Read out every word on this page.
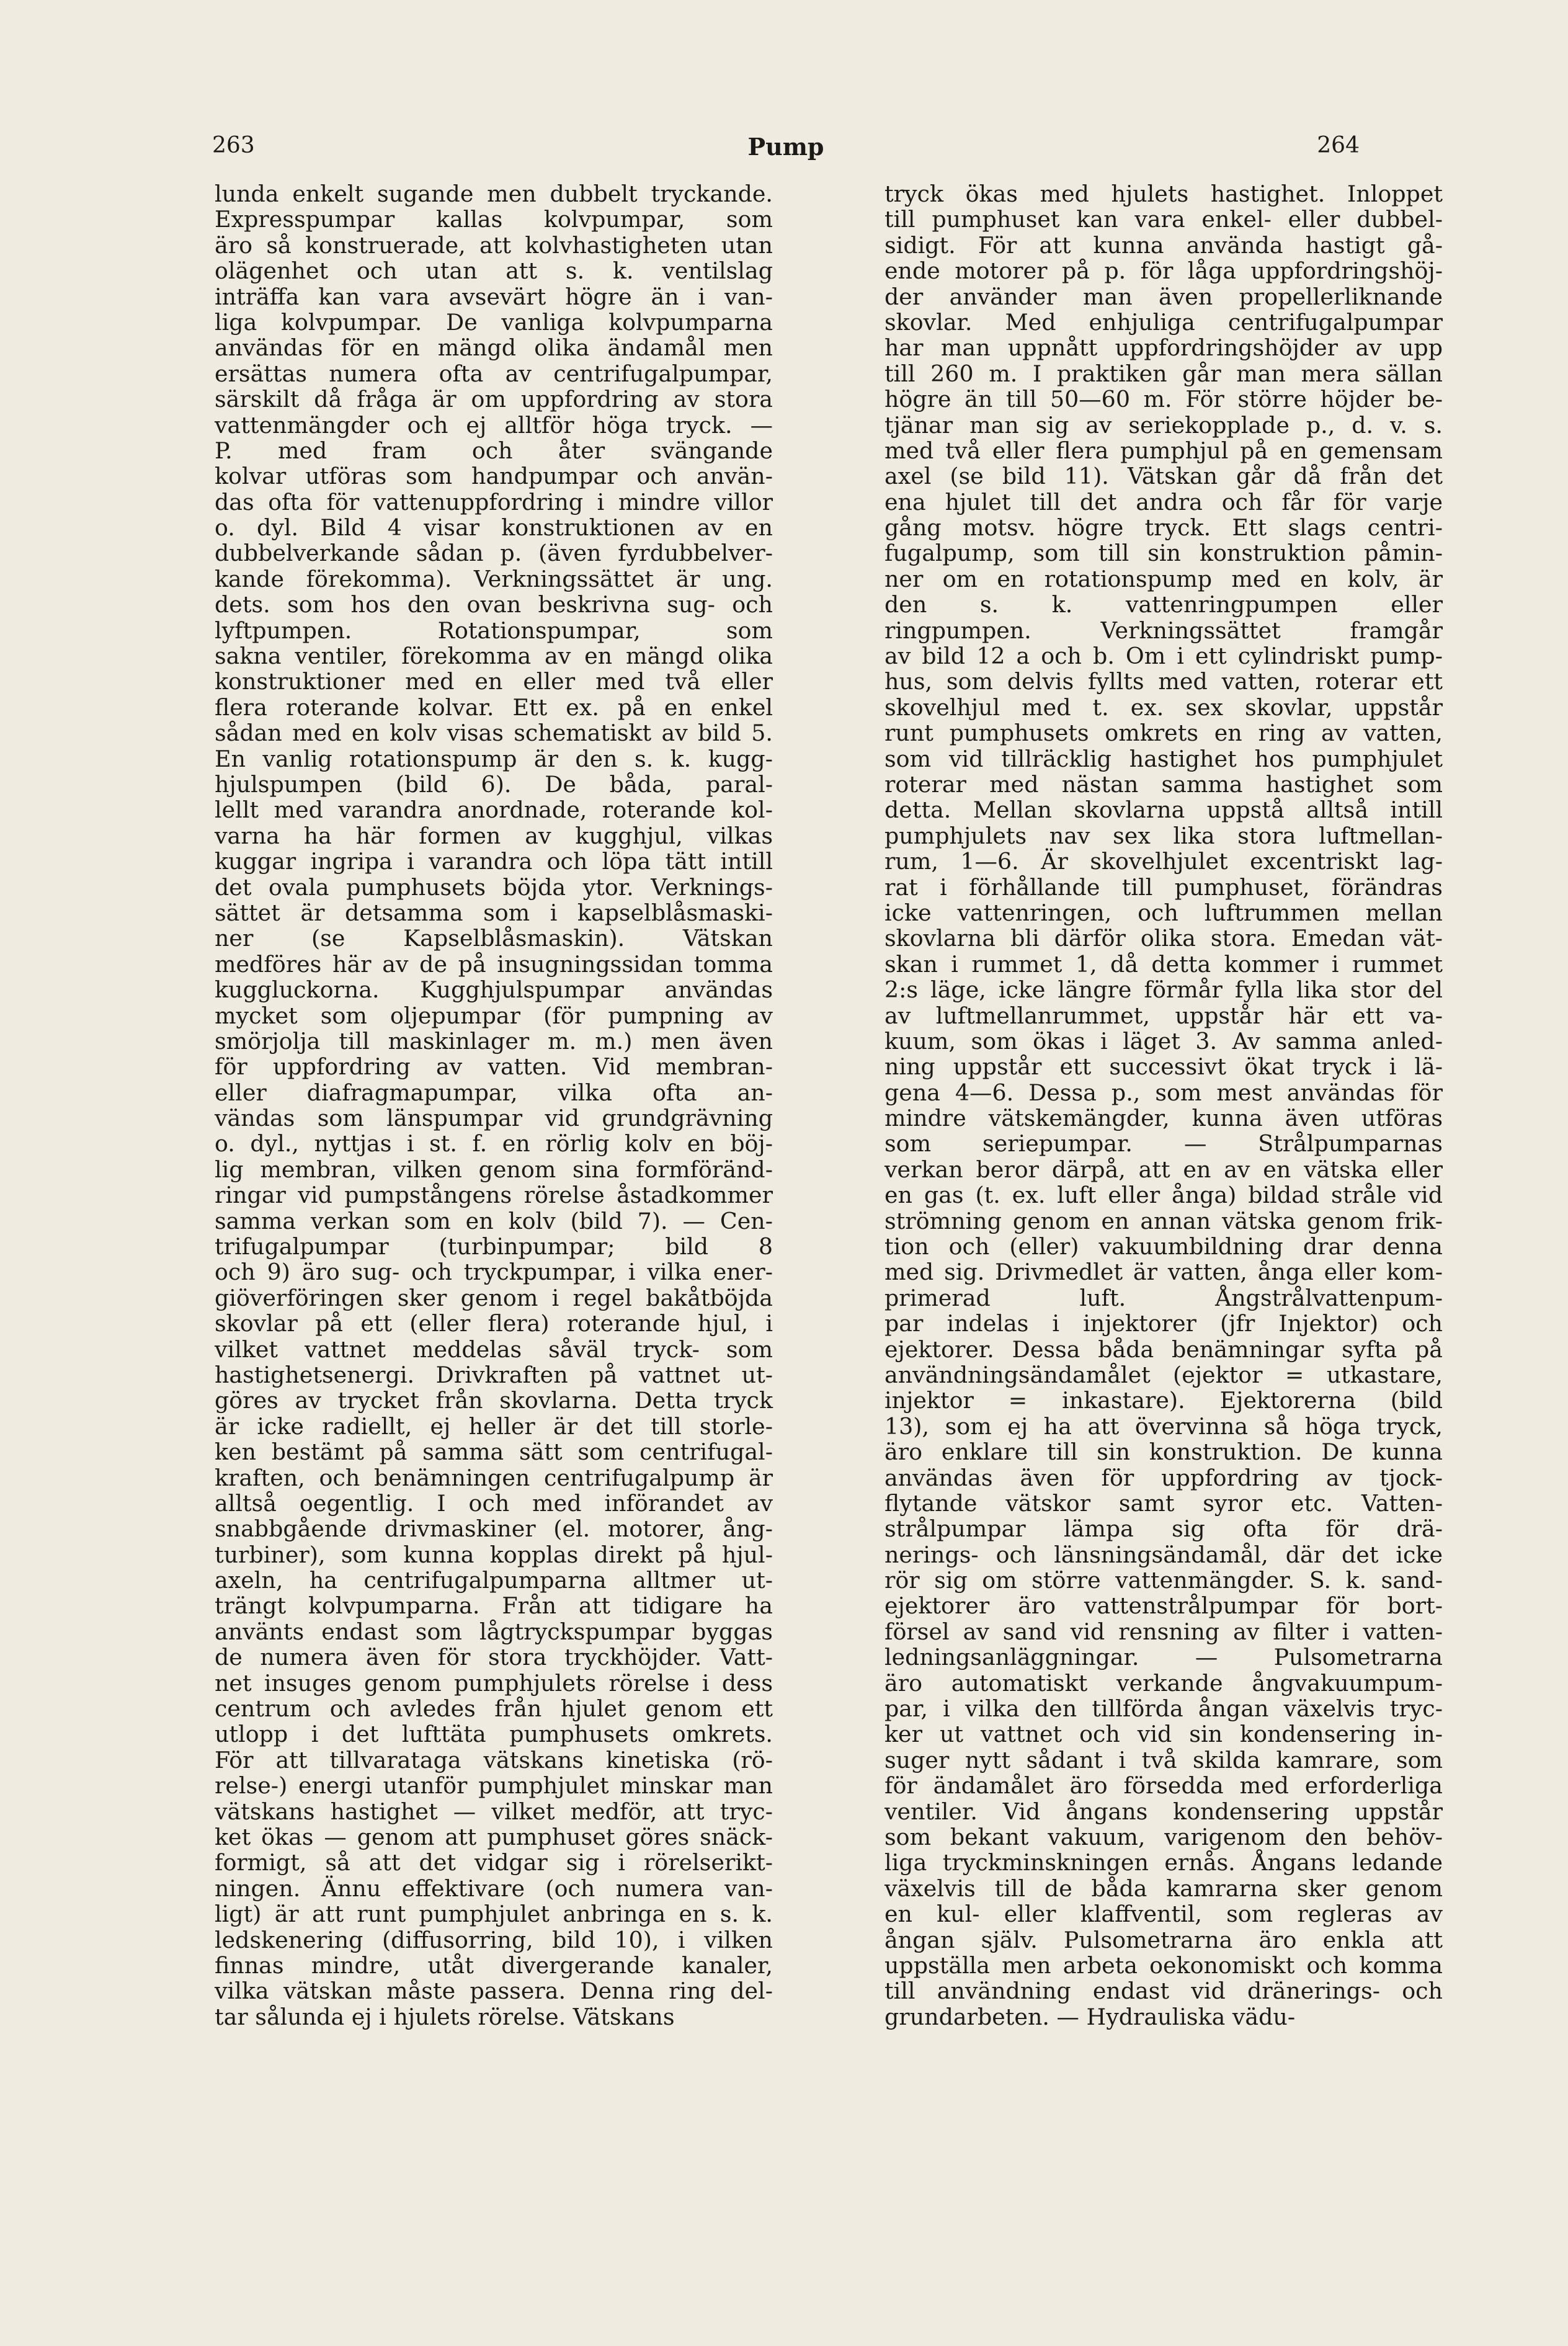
263	Pump	264
lunda enkelt sugande men dubbelt tryckande.
Expresspumpar kallas kolvpumpar, som
äro så konstruerade, att kolvhastigheten utan
olägenhet och utan att s. k. ventilslag
inträffa kan vara avsevärt högre än i van-
liga kolvpumpar. De vanliga kolvpumparna
användas för en mängd olika ändamål men
ersättas numera ofta av centrifugalpumpar,
särskilt då fråga är om uppfordring av stora
vattenmängder och ej alltför höga tryck. —
P. med fram och åter svängande
kolvar utföras som handpumpar och använ-
das ofta för vattenuppfordring i mindre villor
o. dyl. Bild 4 visar konstruktionen av en
dubbelverkande sådan p. (även fyrdubbelver-
kande förekomma). Verkningssättet är ung.
dets. som hos den ovan beskrivna sug- och
lyftpumpen. Rotationspumpar, som
sakna ventiler, förekomma av en mängd olika
konstruktioner med en eller med två eller
flera roterande kolvar. Ett ex. på en enkel
sådan med en kolv visas schematiskt av bild 5.
En vanlig rotationspump är den s. k. kugg-
hjulspumpen (bild 6). De båda, paral-
lellt med varandra anordnade, roterande kol-
varna ha här formen av kugghjul, vilkas
kuggar ingripa i varandra och löpa tätt intill
det ovala pumphusets böjda ytor. Verknings-
sättet är detsamma som i kapselblåsmaski-
ner (se Kapselblåsmaskin). Vätskan
medföres här av de på insugningssidan tomma
kuggluckorna. Kugghjulspumpar användas
mycket som oljepumpar (för pumpning av
smörjolja till maskinlager m. m.) men även
för uppfordring av vatten. Vid membran-
eller diafragmapumpar, vilka ofta an-
vändas som länspumpar vid grundgrävning
o. dyl., nyttjas i st. f. en rörlig kolv en böj-
lig membran, vilken genom sina formföränd-
ringar vid pumpstångens rörelse åstadkommer
samma verkan som en kolv (bild 7). — Cen-
trifugalpumpar (turbinpumpar; bild 8
och 9) äro sug- och tryckpumpar, i vilka ener-
giöverföringen sker genom i regel bakåtböjda
skovlar på ett (eller flera) roterande hjul, i
vilket vattnet meddelas såväl tryck- som
hastighetsenergi. Drivkraften på vattnet ut-
göres av trycket från skovlarna. Detta tryck
är icke radiellt, ej heller är det till storle-
ken bestämt på samma sätt som centrifugal-
kraften, och benämningen centrifugalpump är
alltså oegentlig. I och med införandet av
snabbgående drivmaskiner (el. motorer, ång-
turbiner), som kunna kopplas direkt på hjul-
axeln, ha centrifugalpumparna alltmer ut-
trängt kolvpumparna. Från att tidigare ha
använts endast som lågtryckspumpar byggas
de numera även för stora tryckhöjder. Vatt-
net insuges genom pumphjulets rörelse i dess
centrum och avledes från hjulet genom ett
utlopp i det lufttäta pumphusets omkrets.
För att tillvaratagа vätskans kinetiska (rö-
relse-) energi utanför pumphjulet minskar man
vätskans hastighet — vilket medför, att tryc-
ket ökas — genom att pumphuset göres snäck-
formigt, så att det vidgar sig i rörelserikt-
ningen. Ännu effektivare (och numera van-
ligt) är att runt pumphjulet anbringa en s. k.
ledskenering (diffusorring, bild 10), i vilken
finnas mindre, utåt divergerande kanaler,
vilka vätskan måste passera. Denna ring del-
tar sålunda ej i hjulets rörelse. Vätskans
tryck ökas med hjulets hastighet. Inloppet
till pumphuset kan vara enkel- eller dubbel-
sidigt. För att kunna använda hastigt gå-
ende motorer på p. för låga uppfordringshöj-
der använder man även propellerliknande
skovlar. Med enhjuliga centrifugalpumpar
har man uppnått uppfordringshöjder av upp
till 260 m. I praktiken går man mera sällan
högre än till 50—60 m. För större höjder be-
tjänar man sig av seriekopplade p., d. v. s.
med två eller flera pumphjul på en gemensam
axel (se bild 11). Vätskan går då från det
ena hjulet till det andra och får för varje
gång motsv. högre tryck. Ett slags centri-
fugalpump, som till sin konstruktion påmin-
ner om en rotationspump med en kolv, är
den s. k. vattenringpumpen eller
ringpumpen. Verkningssättet framgår
av bild 12 a och b. Om i ett cylindriskt pump-
hus, som delvis fyllts med vatten, roterar ett
skovelhjul med t. ex. sex skovlar, uppstår
runt pumphusets omkrets en ring av vatten,
som vid tillräcklig hastighet hos pumphjulet
roterar med nästan samma hastighet som
detta. Mellan skovlarna uppstå alltså intill
pumphjulets nav sex lika stora luftmellan-
rum, 1—6. Är skovelhjulet excentriskt lag-
rat i förhållande till pumphuset, förändras
icke vattenringen, och luftrummen mellan
skovlarna bli därför olika stora. Emedan vät-
skan i rummet 1, då detta kommer i rummet
2:s läge, icke längre förmår fylla lika stor del
av luftmellanrummet, uppstår här ett va-
kuum, som ökas i läget 3. Av samma anled-
ning uppstår ett successivt ökat tryck i lä-
gena 4—6. Dessa p., som mest användas för
mindre vätskemängder, kunna även utföras
som seriepumpar. — Strålpumparnas
verkan beror därpå, att en av en vätska eller
en gas (t. ex. luft eller ånga) bildad stråle vid
strömning genom en annan vätska genom frik-
tion och (eller) vakuumbildning drar denna
med sig. Drivmedlet är vatten, ånga eller kom-
primerad luft. Ångstrålvattenpum-
par indelas i injektorer (jfr Injektor) och
ejektorer. Dessa båda benämningar syfta på
användningsändamålet (ejektor = utkastare,
injektor = inkastare). Ejektorerna (bild
13), som ej ha att övervinna så höga tryck,
äro enklare till sin konstruktion. De kunna
användas även för uppfordring av tjock-
flytande vätskor samt syror etc. Vatten-
strålpumpar lämpa sig ofta för drä-
nerings- och länsningsändamål, där det icke
rör sig om större vattenmängder. S. k. sand-
ejektorer äro vattenstrålpumpar för bort-
försel av sand vid rensning av filter i vatten-
ledningsanläggningar. — Pulsometrarna
äro automatiskt verkande ångvakuumpum-
par, i vilka den tillförda ångan växelvis tryc-
ker ut vattnet och vid sin kondensering in-
suger nytt sådant i två skilda kamrare, som
för ändamålet äro försedda med erforderliga
ventiler. Vid ångans kondensering uppstår
som bekant vakuum, varigenom den behöv-
liga tryckminskningen ernås. Ångans ledande
växelvis till de båda kamrarna sker genom
en kul- eller klaffventil, som regleras av
ångan själv. Pulsometrarna äro enkla att
uppställa men arbeta oekonomiskt och komma
till användning endast vid dränerings- och
grundarbeten. — Hydrauliska vädu-
